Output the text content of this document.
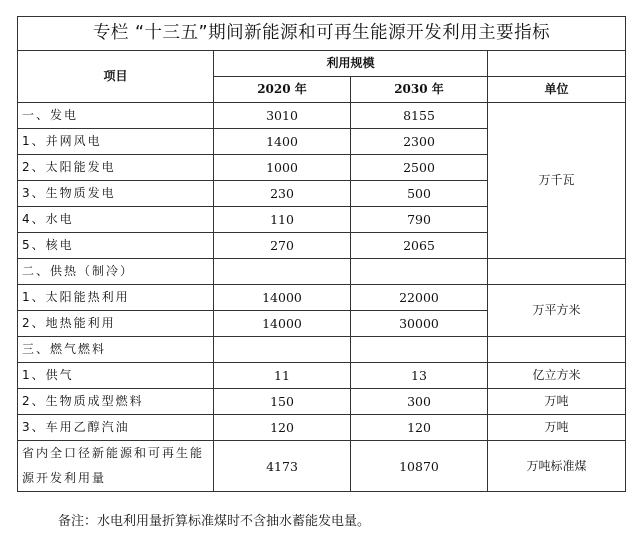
专栏 “十三五”期间新能源和可再生能源开发利用主要指标			
项目	利用规模		
	2020 年	2030 年	单位
一、发电	3010	8155	万千瓦
1、并网风电	1400	2300	
2、太阳能发电	1000	2500	
3、生物质发电	230	500	
4、水电	110	790	
5、核电	270	2065	
二、供热（制冷）			
1、太阳能热利用	14000	22000	万平方米
2、地热能利用	14000	30000	
三、燃气燃料			
1、供气	11	13	亿立方米
2、生物质成型燃料	150	300	万吨
3、车用乙醇汽油	120	120	万吨
省内全口径新能源和可再生能源开发利用量	4173	10870	万吨标准煤
备注：水电利用量折算标准煤时不含抽水蓄能发电量。
